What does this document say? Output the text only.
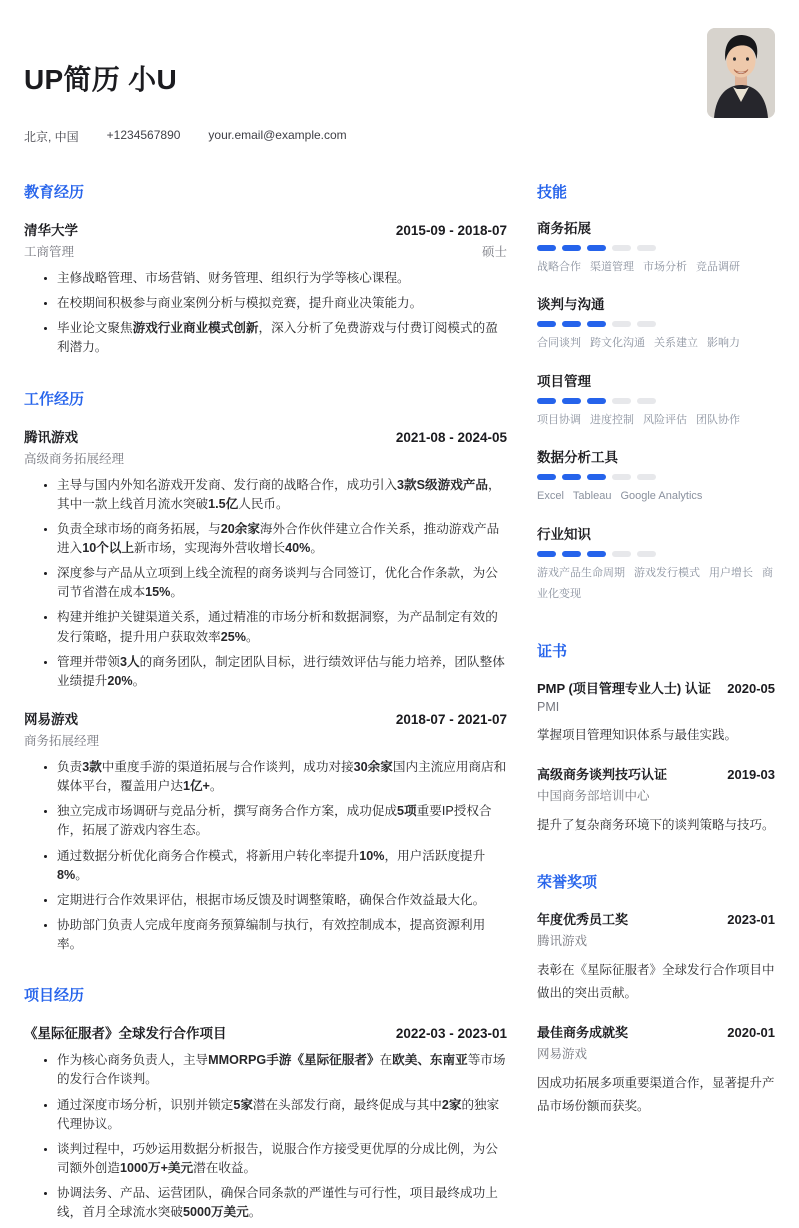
UP简历 小U
北京, 中国 +1234567890 your.email@example.com
教育经历
清华大学	2015-09 - 2018-07
工商管理	硕士
• 主修战略管理、市场营销、财务管理、组织行为学等核心课程。
• 在校期间积极参与商业案例分析与模拟竞赛，提升商业决策能力。
• 毕业论文聚焦游戏行业商业模式创新，深入分析了免费游戏与付费订阅模式的盈利潜力。
工作经历
腾讯游戏	2021-08 - 2024-05
高级商务拓展经理
• 主导与国内外知名游戏开发商、发行商的战略合作，成功引入3款S级游戏产品，其中一款上线首月流水突破1.5亿人民币。
• 负责全球市场的商务拓展，与20余家海外合作伙伴建立合作关系，推动游戏产品进入10个以上新市场，实现海外营收增长40%。
• 深度参与产品从立项到上线全流程的商务谈判与合同签订，优化合作条款，为公司节省潜在成本15%。
• 构建并维护关键渠道关系，通过精准的市场分析和数据洞察，为产品制定有效的发行策略，提升用户获取效率25%。
• 管理并带领3人的商务团队，制定团队目标，进行绩效评估与能力培养，团队整体业绩提升20%。
网易游戏	2018-07 - 2021-07
商务拓展经理
• 负责3款中重度手游的渠道拓展与合作谈判，成功对接30余家国内主流应用商店和媒体平台，覆盖用户达1亿+。
• 独立完成市场调研与竞品分析，撰写商务合作方案，成功促成5项重要IP授权合作，拓展了游戏内容生态。
• 通过数据分析优化商务合作模式，将新用户转化率提升10%，用户活跃度提升8%。
• 定期进行合作效果评估，根据市场反馈及时调整策略，确保合作效益最大化。
• 协助部门负责人完成年度商务预算编制与执行，有效控制成本，提高资源利用率。
项目经历
《星际征服者》全球发行合作项目	2022-03 - 2023-01
• 作为核心商务负责人，主导MMORPG手游《星际征服者》在欧美、东南亚等市场的发行合作谈判。
• 通过深度市场分析，识别并锁定5家潜在头部发行商，最终促成与其中2家的独家代理协议。
• 谈判过程中，巧妙运用数据分析报告，说服合作方接受更优厚的分成比例，为公司额外创造1000万+美元潜在收益。
• 协调法务、产品、运营团队，确保合同条款的严谨性与可行性，项目最终成功上线，首月全球流水突破5000万美元。
技能
商务拓展
战略合作 渠道管理 市场分析 竞品调研
谈判与沟通
合同谈判 跨文化沟通 关系建立 影响力
项目管理
项目协调 进度控制 风险评估 团队协作
数据分析工具
Excel Tableau Google Analytics
行业知识
游戏产品生命周期 游戏发行模式 用户增长 商业化变现
证书
PMP (项目管理专业人士) 认证 2020-05
PMI
掌握项目管理知识体系与最佳实践。
高级商务谈判技巧认证	2019-03
中国商务部培训中心
提升了复杂商务环境下的谈判策略与技巧。
荣誉奖项
年度优秀员工奖	2023-01
腾讯游戏
表彰在《星际征服者》全球发行合作项目中做出的突出贡献。
最佳商务成就奖	2020-01
网易游戏
因成功拓展多项重要渠道合作，显著提升产品市场份额而获奖。
